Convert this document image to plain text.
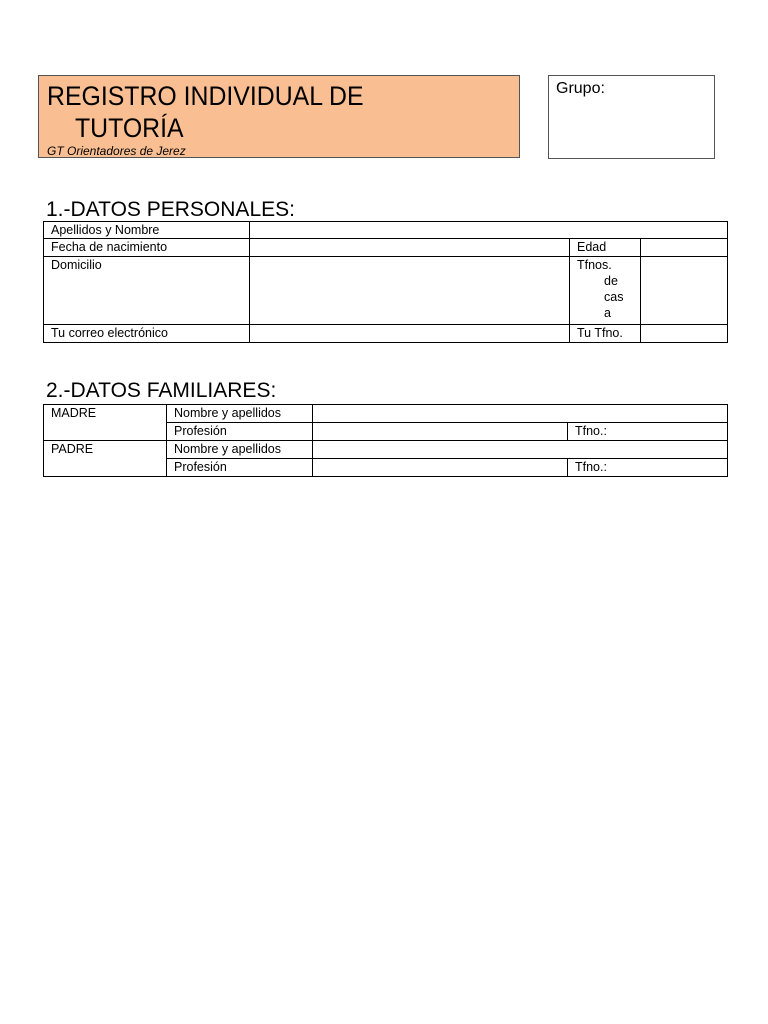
REGISTRO INDIVIDUAL DE
TUTORÍA
GT Orientadores de Jerez
Grupo:
1.-DATOS PERSONALES:
Apellidos y Nombre			
Fecha de nacimiento		Edad	
Domicilio		Tfnos.
de
cas
a	

Tu correo electrónico		Tu Tfno.	
2.-DATOS FAMILIARES:
MADRE	Nombre y apellidos		
	Profesión		Tfno.:
PADRE	Nombre y apellidos		
	Profesión		Tfno.:
